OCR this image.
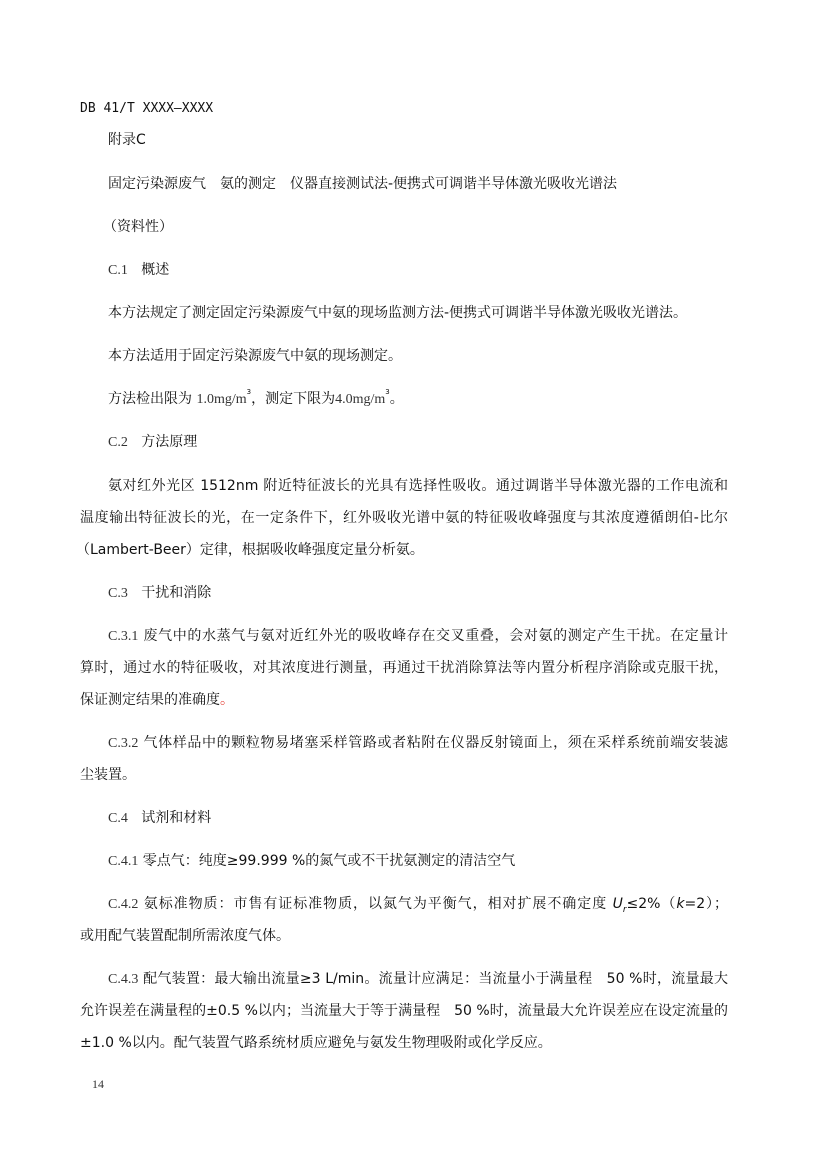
DB 41/T XXXX—XXXX
附录C
固定污染源废气　氨的测定　仪器直接测试法-便携式可调谐半导体激光吸收光谱法
（资料性）
C.1 概述
本方法规定了测定固定污染源废气中氨的现场监测方法-便携式可调谐半导体激光吸收光谱法。
本方法适用于固定污染源废气中氨的现场测定。
方法检出限为 $1.0mg/m^3$，测定下限为$4.0mg/m^3$。
C.2 方法原理
氨对红外光区 1512nm 附近特征波长的光具有选择性吸收。通过调谐半导体激光器的工作电流和
温度输出特征波长的光，在一定条件下，红外吸收光谱中氨的特征吸收峰强度与其浓度遵循朗伯-比尔
（Lambert-Beer）定律，根据吸收峰强度定量分析氨。
C.3 干扰和消除
C.3.1 废气中的水蒸气与氨对近红外光的吸收峰存在交叉重叠，会对氨的测定产生干扰。在定量计
算时，通过水的特征吸收，对其浓度进行测量，再通过干扰消除算法等内置分析程序消除或克服干扰，
保证测定结果的准确度。
C.3.2 气体样品中的颗粒物易堵塞采样管路或者粘附在仪器反射镜面上，须在采样系统前端安装滤
尘装置。
C.4 试剂和材料
C.4.1 零点气：纯度≥99.999 %的氮气或不干扰氨测定的清洁空气
C.4.2 氨标准物质：市售有证标准物质，以氮气为平衡气，相对扩展不确定度 $U_r\le 2\%(k=2)$；
或用配气装置配制所需浓度气体。
C.4.3 配气装置：最大输出流量≥3 L/min。流量计应满足：当流量小于满量程　50 %时，流量最大
允许误差在满量程的±0.5 %以内；当流量大于等于满量程　50 %时，流量最大允许误差应在设定流量的
±1.0 %以内。配气装置气路系统材质应避免与氨发生物理吸附或化学反应。
14
